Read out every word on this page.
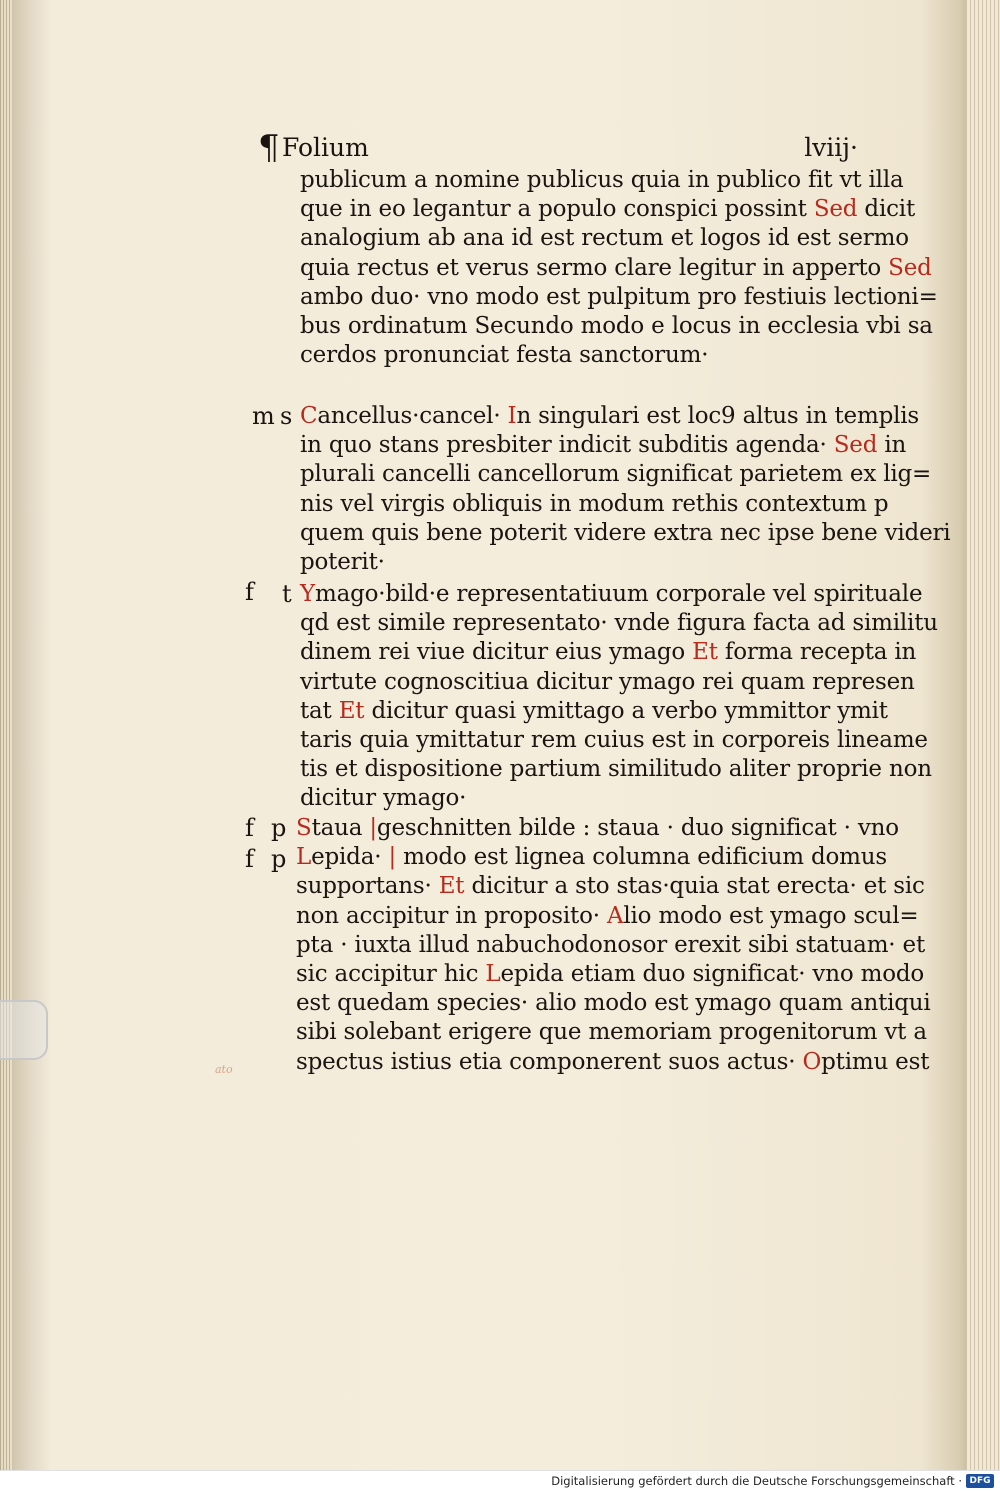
ato
¶ Folium	lviij·
publicum a nomine publicus quia in publico fit vt illa
que in eo legantur a populo conspici possint Sed dicit
analogium ab ana id est rectum et logos id est sermo
quia rectus et verus sermo clare legitur in apperto Sed
ambo duo· vno modo est pulpitum pro festiuis lectioni=
bus ordinatum Secundo modo e locus in ecclesia vbi sa
cerdos pronunciat festa sanctorum·
m s Cancellus·cancel· In singulari est loc9 altus in templis
in quo stans presbiter indicit subditis agenda· Sed in
plurali cancelli cancellorum significat parietem ex lig=
nis vel virgis obliquis in modum rethis contextum p
quem quis bene poterit videre extra nec ipse bene videri
poterit·
f t Ymago·bild·e representatiuum corporale vel spirituale
qd est simile representato· vnde figura facta ad similitu
dinem rei viue dicitur eius ymago Et forma recepta in
virtute cognoscitiua dicitur ymago rei quam represen
tat Et dicitur quasi ymittago a verbo ymmittor ymit
taris quia ymittatur rem cuius est in corporeis lineame
tis et dispositione partium similitudo aliter proprie non
dicitur ymago·
f p
f p
Staua |geschnitten bilde : staua · duo significat · vno
Lepida· | modo est lignea columna edificium domus
supportans· Et dicitur a sto stas·quia stat erecta· et sic
non accipitur in proposito· Alio modo est ymago scul=
pta · iuxta illud nabuchodonosor erexit sibi statuam· et
sic accipitur hic Lepida etiam duo significat· vno modo
est quedam species· alio modo est ymago quam antiqui
sibi solebant erigere que memoriam progenitorum vt a
spectus istius etia componerent suos actus· Optimu est
Digitalisierung gefördert durch die Deutsche Forschungsgemeinschaft · DFG
